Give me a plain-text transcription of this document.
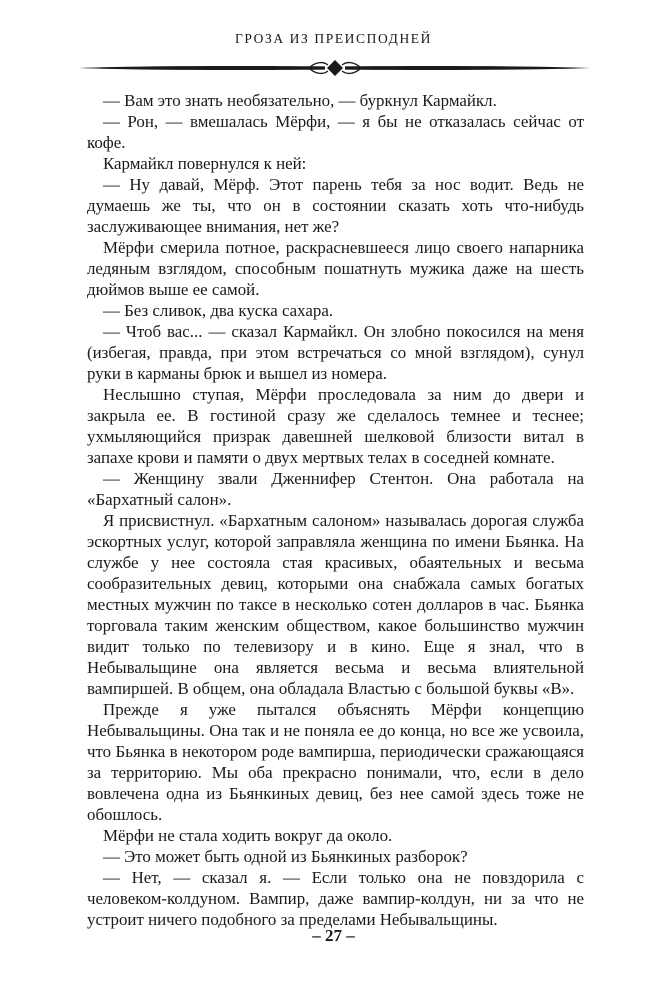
ГРОЗА ИЗ ПРЕИСПОДНЕЙ

— Вам это знать необязательно, — буркнул Кармайкл.

— Рон, — вмешалась Мёрфи, — я бы не отказалась сейчас от кофе.

Кармайкл повернулся к ней:

— Ну давай, Мёрф. Этот парень тебя за нос водит. Ведь не думаешь же ты, что он в состоянии сказать хоть что-нибудь заслуживающее внимания, нет же?

Мёрфи смерила потное, раскрасневшееся лицо своего напарника ледяным взглядом, способным пошатнуть мужика даже на шесть дюймов выше ее самой.

— Без сливок, два куска сахара.

— Чтоб вас... — сказал Кармайкл. Он злобно покосился на меня (избегая, правда, при этом встречаться со мной взглядом), сунул руки в карманы брюк и вышел из номера.

Неслышно ступая, Мёрфи проследовала за ним до двери и закрыла ее. В гостиной сразу же сделалось темнее и теснее; ухмыляющийся призрак давешней шелковой близости витал в запахе крови и памяти о двух мертвых телах в соседней комнате.

— Женщину звали Дженнифер Стентон. Она работала на «Бархатный салон».

Я присвистнул. «Бархатным салоном» называлась дорогая служба эскортных услуг, которой заправляла женщина по имени Бьянка. На службе у нее состояла стая красивых, обаятельных и весьма сообразительных девиц, которыми она снабжала самых богатых местных мужчин по таксе в несколько сотен долларов в час. Бьянка торговала таким женским обществом, какое большинство мужчин видит только по телевизору и в кино. Еще я знал, что в Небывальщине она является весьма и весьма влиятельной вампиршей. В общем, она обладала Властью с большой буквы «В».

Прежде я уже пытался объяснять Мёрфи концепцию Небывальщины. Она так и не поняла ее до конца, но все же усвоила, что Бьянка в некотором роде вампирша, периодически сражающаяся за территорию. Мы оба прекрасно понимали, что, если в дело вовлечена одна из Бьянкиных девиц, без нее самой здесь тоже не обошлось.

Мёрфи не стала ходить вокруг да около.

— Это может быть одной из Бьянкиных разборок?

— Нет, — сказал я. — Если только она не повздорила с человеком-колдуном. Вампир, даже вампир-колдун, ни за что не устроит ничего подобного за пределами Небывальщины.

– 27 –
